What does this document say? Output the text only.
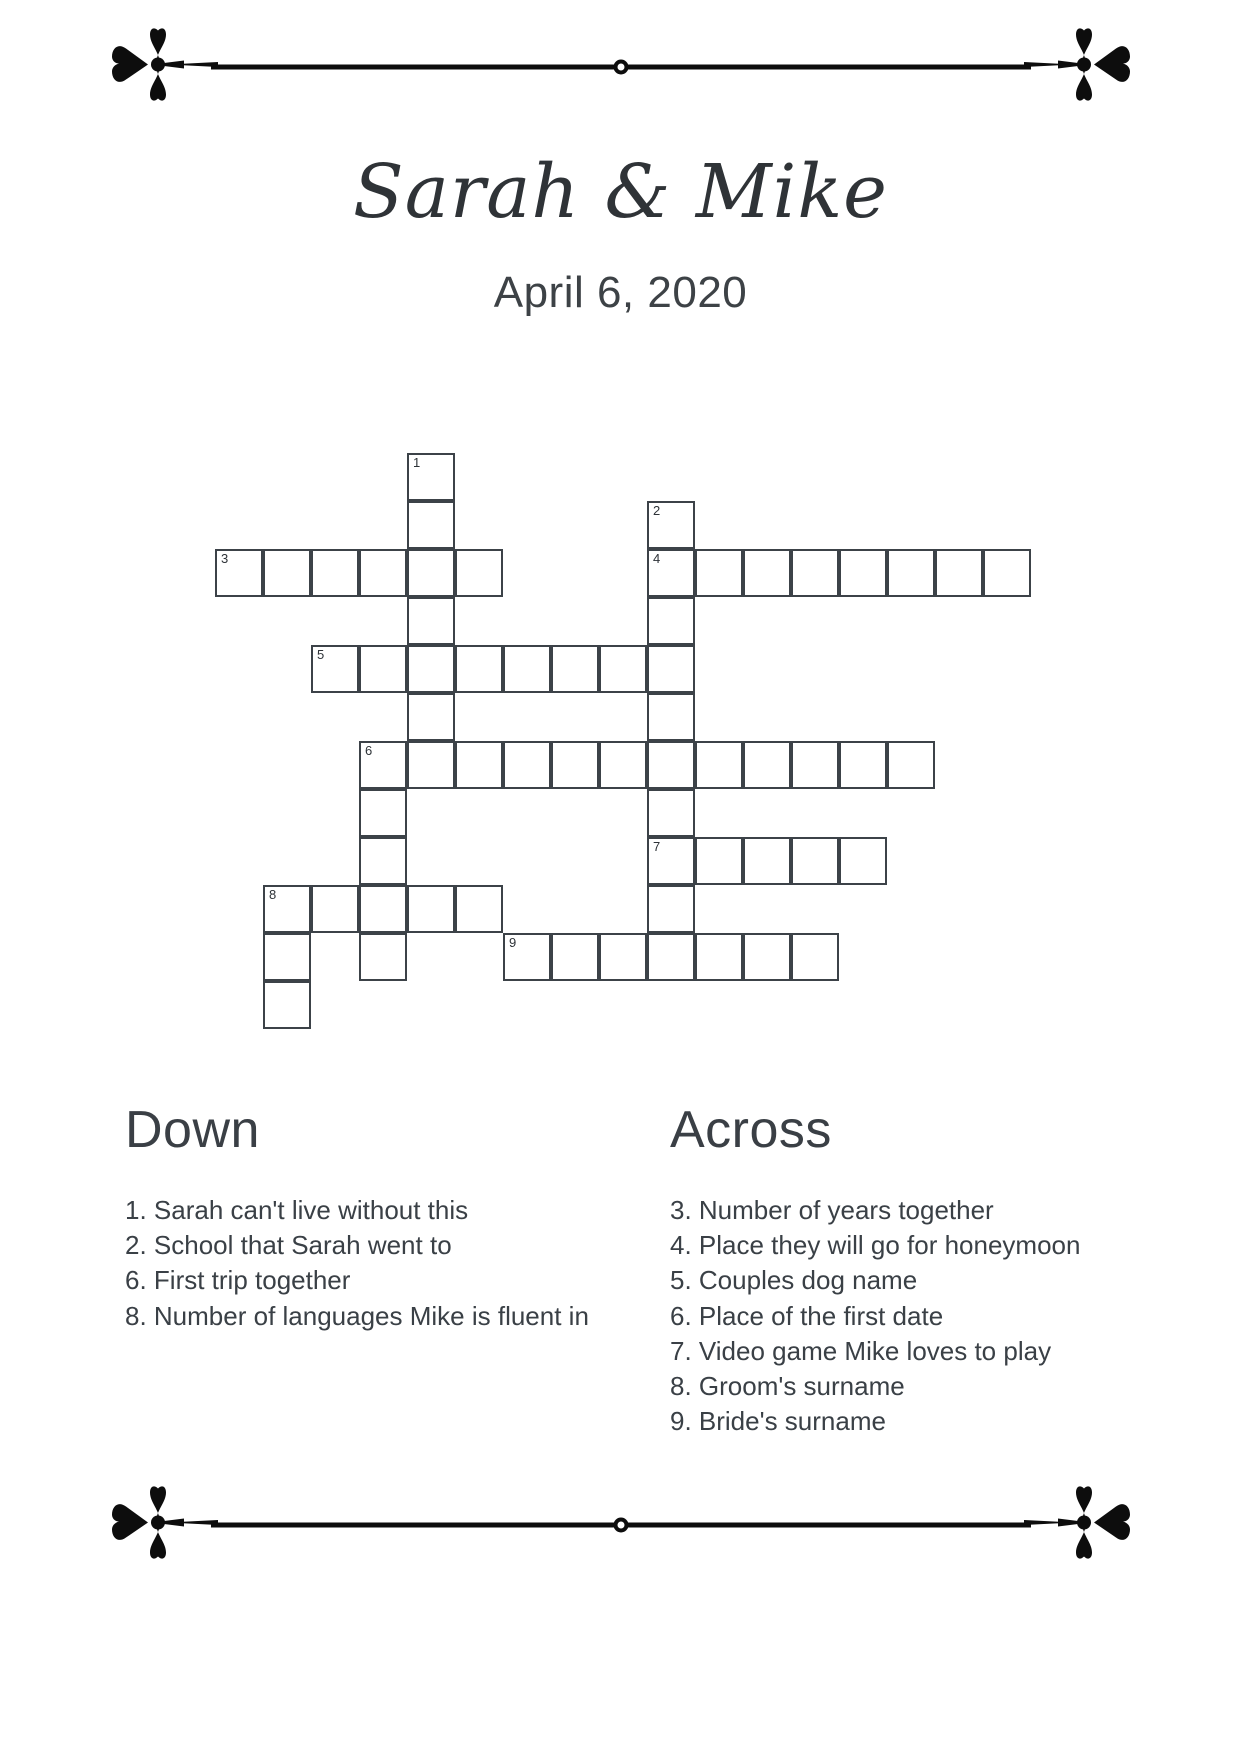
Sarah & Mike
April 6, 2020
1
2
4
7
3
5
6
8
9
Down
1. Sarah can't live without this
2. School that Sarah went to
6. First trip together
8. Number of languages Mike is fluent in
Across
3. Number of years together
4. Place they will go for honeymoon
5. Couples dog name
6. Place of the first date
7. Video game Mike loves to play
8. Groom's surname
9. Bride's surname
